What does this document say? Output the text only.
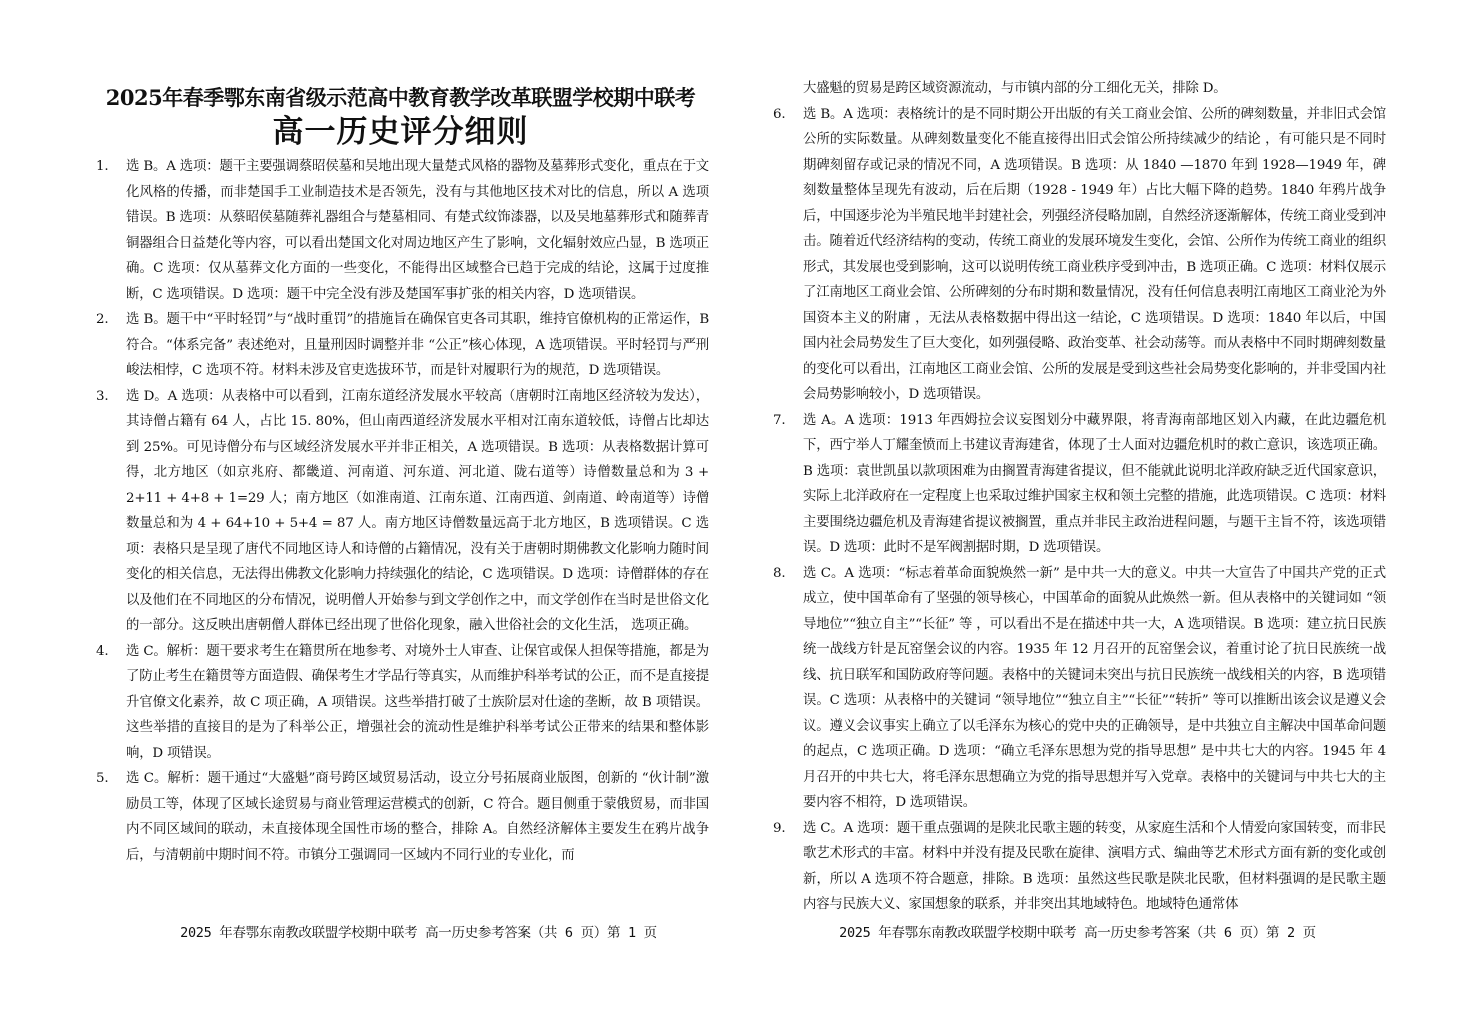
2025年春季鄂东南省级示范高中教育教学改革联盟学校期中联考
高一历史评分细则
1. 选 B。A 选项：题干主要强调蔡昭侯墓和吴地出现大量楚式风格的器物及墓葬形式变化，重点在于文化风格的传播，而非楚国手工业制造技术是否领先，没有与其他地区技术对比的信息，所以 A 选项错误。B 选项：从蔡昭侯墓随葬礼器组合与楚墓相同、有楚式纹饰漆器，以及吴地墓葬形式和随葬青铜器组合日益楚化等内容，可以看出楚国文化对周边地区产生了影响，文化辐射效应凸显，B 选项正确。C 选项：仅从墓葬文化方面的一些变化，不能得出区域整合已趋于完成的结论，这属于过度推断，C 选项错误。D 选项：题干中完全没有涉及楚国军事扩张的相关内容，D 选项错误。
2. 选 B。题干中“平时轻罚”与“战时重罚”的措施旨在确保官吏各司其职，维持官僚机构的正常运作，B 符合。“体系完备” 表述绝对，且量刑因时调整并非 “公正”核心体现，A 选项错误。平时轻罚与严刑峻法相悖，C 选项不符。材料未涉及官吏选拔环节，而是针对履职行为的规范，D 选项错误。
3. 选 D。A 选项：从表格中可以看到，江南东道经济发展水平较高（唐朝时江南地区经济较为发达），其诗僧占籍有 64 人，占比 15. 80%，但山南西道经济发展水平相对江南东道较低，诗僧占比却达到 25%。可见诗僧分布与区域经济发展水平并非正相关，A 选项错误。B 选项：从表格数据计算可得，北方地区（如京兆府、都畿道、河南道、河东道、河北道、陇右道等）诗僧数量总和为 3 + 2+11 + 4+8 + 1=29 人；南方地区（如淮南道、江南东道、江南西道、剑南道、岭南道等）诗僧数量总和为 4 + 64+10 + 5+4 = 87 人。南方地区诗僧数量远高于北方地区，B 选项错误。C 选项：表格只是呈现了唐代不同地区诗人和诗僧的占籍情况，没有关于唐朝时期佛教文化影响力随时间变化的相关信息，无法得出佛教文化影响力持续强化的结论，C 选项错误。D 选项：诗僧群体的存在以及他们在不同地区的分布情况，说明僧人开始参与到文学创作之中，而文学创作在当时是世俗文化的一部分。这反映出唐朝僧人群体已经出现了世俗化现象，融入世俗社会的文化生活， 选项正确。
4. 选 C。解析：题干要求考生在籍贯所在地参考、对境外士人审查、让保官或保人担保等措施，都是为了防止考生在籍贯等方面造假、确保考生才学品行等真实，从而维护科举考试的公正，而不是直接提升官僚文化素养，故 C 项正确，A 项错误。这些举措打破了士族阶层对仕途的垄断，故 B 项错误。这些举措的直接目的是为了科举公正，增强社会的流动性是维护科举考试公正带来的结果和整体影响，D 项错误。
5. 选 C。解析：题干通过“大盛魁”商号跨区域贸易活动，设立分号拓展商业版图，创新的 “伙计制”激励员工等，体现了区域长途贸易与商业管理运营模式的创新，C 符合。题目侧重于蒙俄贸易，而非国内不同区域间的联动，未直接体现全国性市场的整合，排除 A。自然经济解体主要发生在鸦片战争后，与清朝前中期时间不符。市镇分工强调同一区域内不同行业的专业化，而
大盛魁的贸易是跨区域资源流动，与市镇内部的分工细化无关，排除 D。
6. 选 B。A 选项：表格统计的是不同时期公开出版的有关工商业会馆、公所的碑刻数量，并非旧式会馆公所的实际数量。从碑刻数量变化不能直接得出旧式会馆公所持续减少的结论 ，有可能只是不同时期碑刻留存或记录的情况不同，A 选项错误。B 选项：从 1840 —1870 年到 1928—1949 年，碑刻数量整体呈现先有波动，后在后期（1928 - 1949 年）占比大幅下降的趋势。1840 年鸦片战争后，中国逐步沦为半殖民地半封建社会，列强经济侵略加剧，自然经济逐渐解体，传统工商业受到冲击。随着近代经济结构的变动，传统工商业的发展环境发生变化，会馆、公所作为传统工商业的组织形式，其发展也受到影响，这可以说明传统工商业秩序受到冲击，B 选项正确。C 选项：材料仅展示了江南地区工商业会馆、公所碑刻的分布时期和数量情况，没有任何信息表明江南地区工商业沦为外国资本主义的附庸 ，无法从表格数据中得出这一结论，C 选项错误。D 选项：1840 年以后，中国国内社会局势发生了巨大变化，如列强侵略、政治变革、社会动荡等。而从表格中不同时期碑刻数量的变化可以看出，江南地区工商业会馆、公所的发展是受到这些社会局势变化影响的，并非受国内社会局势影响较小，D 选项错误。
7. 选 A。A 选项：1913 年西姆拉会议妄图划分中藏界限，将青海南部地区划入内藏，在此边疆危机下，西宁举人丁耀奎愤而上书建议青海建省，体现了士人面对边疆危机时的救亡意识，该选项正确。B 选项：袁世凯虽以款项困难为由搁置青海建省提议，但不能就此说明北洋政府缺乏近代国家意识，实际上北洋政府在一定程度上也采取过维护国家主权和领土完整的措施，此选项错误。C 选项：材料主要围绕边疆危机及青海建省提议被搁置，重点并非民主政治进程问题，与题干主旨不符，该选项错误。D 选项：此时不是军阀割据时期，D 选项错误。
8. 选 C。A 选项：“标志着革命面貌焕然一新” 是中共一大的意义。中共一大宣告了中国共产党的正式成立，使中国革命有了坚强的领导核心，中国革命的面貌从此焕然一新。但从表格中的关键词如 “领导地位”“独立自主”“长征” 等 ，可以看出不是在描述中共一大，A 选项错误。B 选项：建立抗日民族统一战线方针是瓦窑堡会议的内容。1935 年 12 月召开的瓦窑堡会议，着重讨论了抗日民族统一战线、抗日联军和国防政府等问题。表格中的关键词未突出与抗日民族统一战线相关的内容，B 选项错误。C 选项：从表格中的关键词 “领导地位”“独立自主”“长征”“转折” 等可以推断出该会议是遵义会议。遵义会议事实上确立了以毛泽东为核心的党中央的正确领导，是中共独立自主解决中国革命问题的起点，C 选项正确。D 选项：“确立毛泽东思想为党的指导思想” 是中共七大的内容。1945 年 4 月召开的中共七大，将毛泽东思想确立为党的指导思想并写入党章。表格中的关键词与中共七大的主要内容不相符，D 选项错误。
9. 选 C。A 选项：题干重点强调的是陕北民歌主题的转变，从家庭生活和个人情爱向家国转变，而非民歌艺术形式的丰富。材料中并没有提及民歌在旋律、演唱方式、编曲等艺术形式方面有新的变化或创新，所以 A 选项不符合题意，排除。B 选项：虽然这些民歌是陕北民歌，但材料强调的是民歌主题内容与民族大义、家国想象的联系，并非突出其地域特色。地域特色通常体
2025 年春鄂东南教改联盟学校期中联考 高一历史参考答案（共 6 页）第 1 页	2025 年春鄂东南教改联盟学校期中联考 高一历史参考答案（共 6 页）第 2 页
